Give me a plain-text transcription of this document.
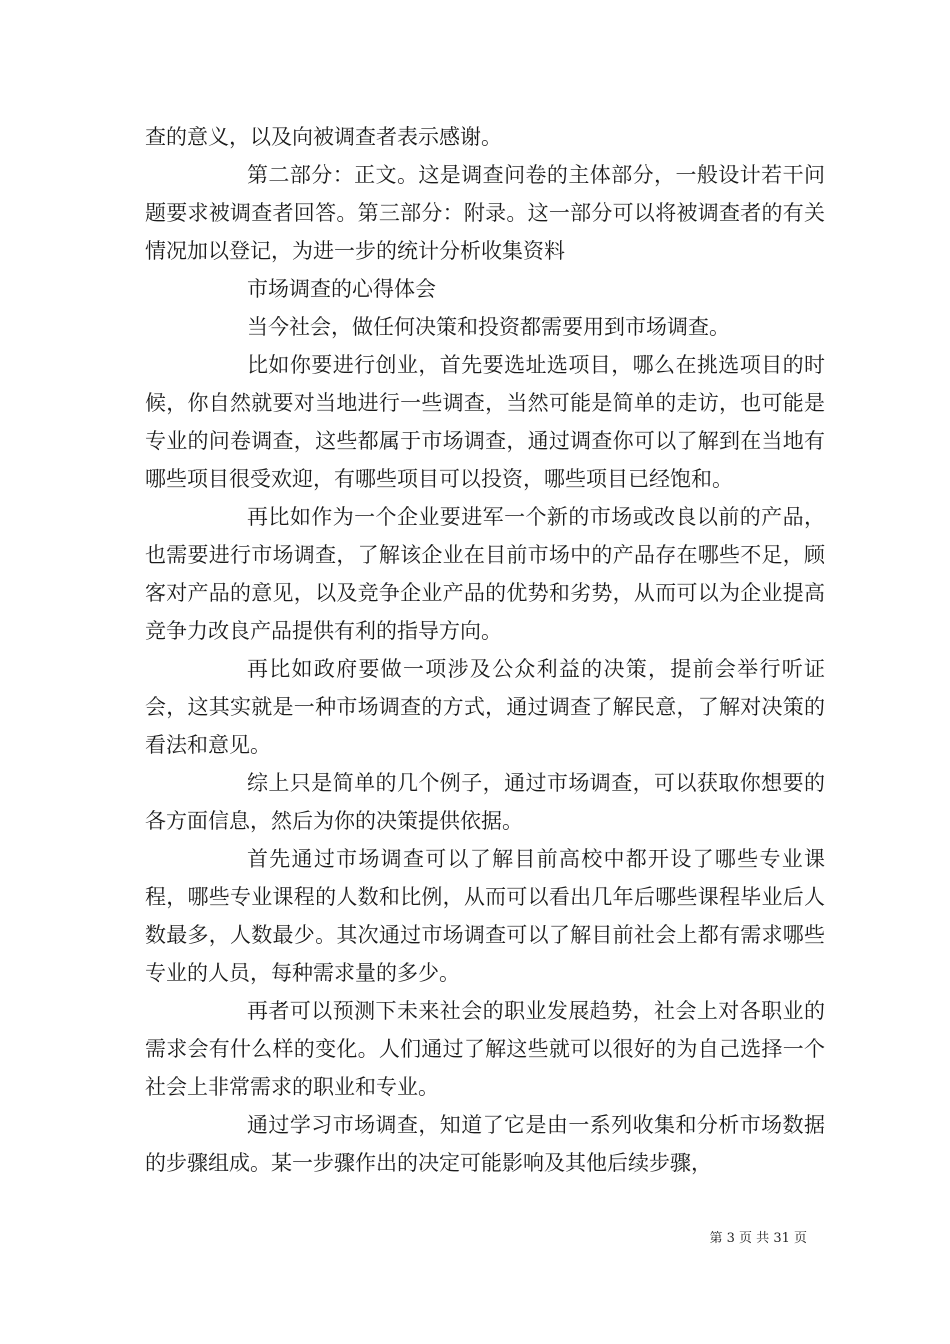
查的意义，以及向被调查者表示感谢。

第二部分：正文。这是调查问卷的主体部分，一般设计若干问题要求被调查者回答。第三部分：附录。这一部分可以将被调查者的有关情况加以登记，为进一步的统计分析收集资料

市场调查的心得体会

当今社会，做任何决策和投资都需要用到市场调查。

比如你要进行创业，首先要选址选项目，哪么在挑选项目的时候，你自然就要对当地进行一些调查，当然可能是简单的走访，也可能是专业的问卷调查，这些都属于市场调查，通过调查你可以了解到在当地有哪些项目很受欢迎，有哪些项目可以投资，哪些项目已经饱和。

再比如作为一个企业要进军一个新的市场或改良以前的产品，也需要进行市场调查，了解该企业在目前市场中的产品存在哪些不足，顾客对产品的意见，以及竞争企业产品的优势和劣势，从而可以为企业提高竞争力改良产品提供有利的指导方向。

再比如政府要做一项涉及公众利益的决策，提前会举行听证会，这其实就是一种市场调查的方式，通过调查了解民意，了解对决策的看法和意见。

综上只是简单的几个例子，通过市场调查，可以获取你想要的各方面信息，然后为你的决策提供依据。

首先通过市场调查可以了解目前高校中都开设了哪些专业课程，哪些专业课程的人数和比例，从而可以看出几年后哪些课程毕业后人数最多，人数最少。其次通过市场调查可以了解目前社会上都有需求哪些专业的人员，每种需求量的多少。

再者可以预测下未来社会的职业发展趋势，社会上对各职业的需求会有什么样的变化。人们通过了解这些就可以很好的为自己选择一个社会上非常需求的职业和专业。

通过学习市场调查，知道了它是由一系列收集和分析市场数据的步骤组成。某一步骤作出的决定可能影响及其他后续步骤，

第 3 页 共 31 页
